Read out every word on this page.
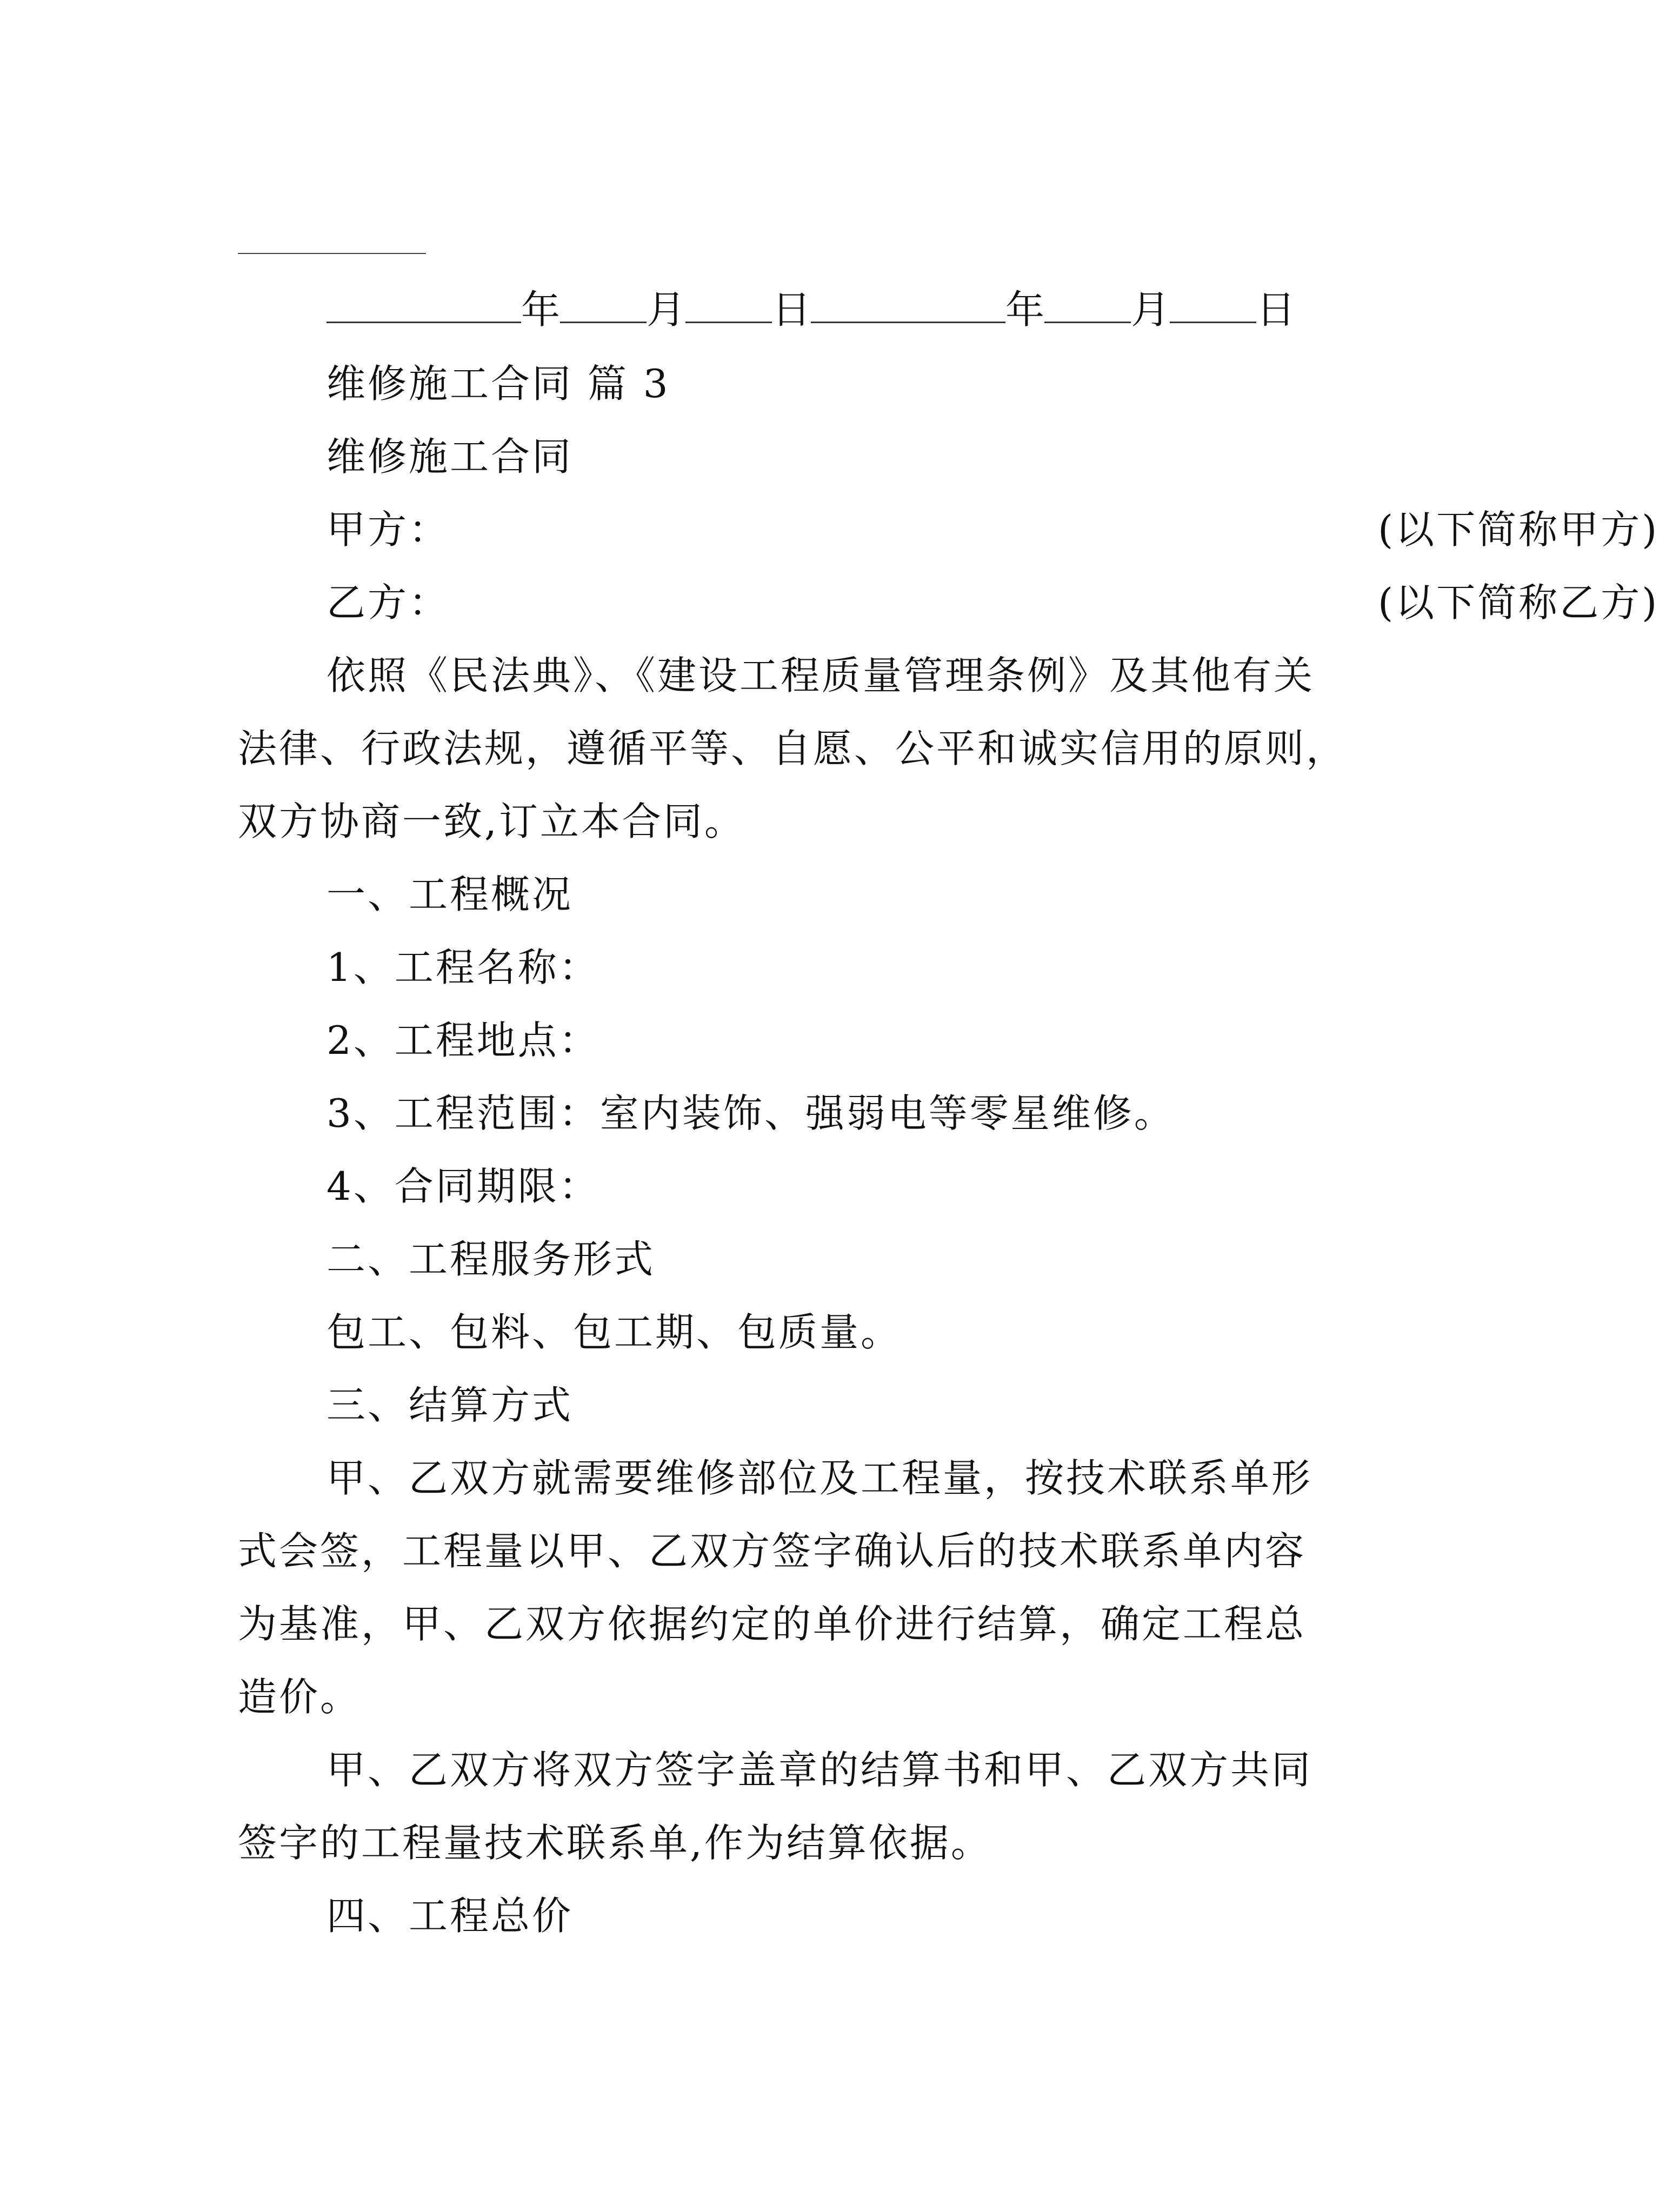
年 月 日	年 月 日
维修施工合同 篇 3
维修施工合同
甲方：	(以下简称甲方)
乙方：	(以下简称乙方)
依照《民法典》、《建设工程质量管理条例》及其他有关
法律、行政法规，遵循平等、自愿、公平和诚实信用的原则，
双方协商一致,订立本合同。
一、工程概况
1、工程名称：
2、工程地点：
3、工程范围：室内装饰、强弱电等零星维修。
4、合同期限：
二、工程服务形式
包工、包料、包工期、包质量。
三、结算方式
甲、乙双方就需要维修部位及工程量，按技术联系单形
式会签，工程量以甲、乙双方签字确认后的技术联系单内容
为基准，甲、乙双方依据约定的单价进行结算，确定工程总
造价。
甲、乙双方将双方签字盖章的结算书和甲、乙双方共同
签字的工程量技术联系单,作为结算依据。
四、工程总价
